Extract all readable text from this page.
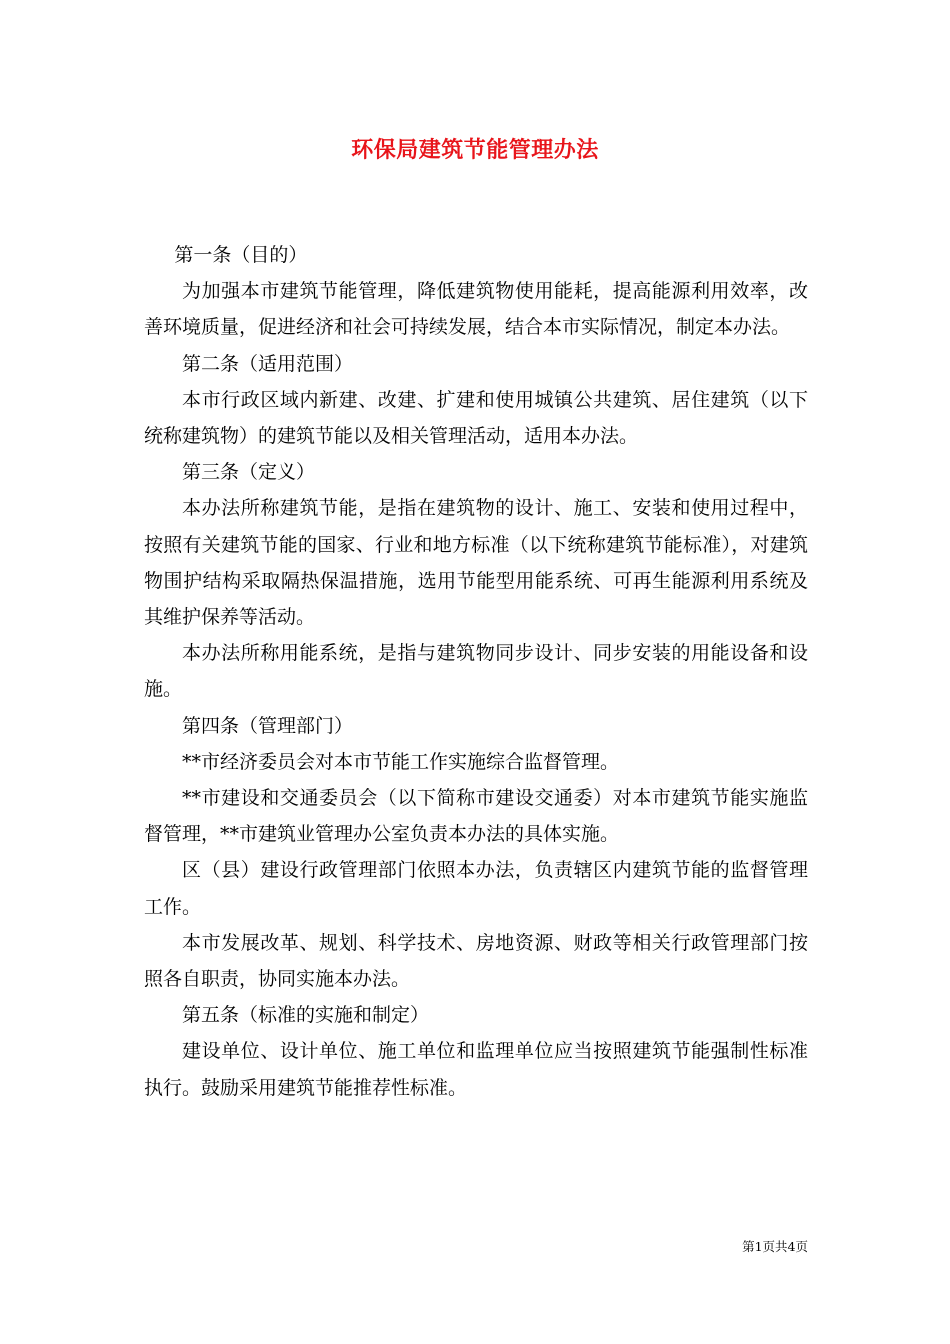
环保局建筑节能管理办法

第一条（目的）

为加强本市建筑节能管理，降低建筑物使用能耗，提高能源利用效率，改善环境质量，促进经济和社会可持续发展，结合本市实际情况，制定本办法。

第二条（适用范围）

本市行政区域内新建、改建、扩建和使用城镇公共建筑、居住建筑（以下统称建筑物）的建筑节能以及相关管理活动，适用本办法。

第三条（定义）

本办法所称建筑节能，是指在建筑物的设计、施工、安装和使用过程中，按照有关建筑节能的国家、行业和地方标准（以下统称建筑节能标准），对建筑物围护结构采取隔热保温措施，选用节能型用能系统、可再生能源利用系统及其维护保养等活动。

本办法所称用能系统，是指与建筑物同步设计、同步安装的用能设备和设施。

第四条（管理部门）

**市经济委员会对本市节能工作实施综合监督管理。

**市建设和交通委员会（以下简称市建设交通委）对本市建筑节能实施监督管理，**市建筑业管理办公室负责本办法的具体实施。

区（县）建设行政管理部门依照本办法，负责辖区内建筑节能的监督管理工作。

本市发展改革、规划、科学技术、房地资源、财政等相关行政管理部门按照各自职责，协同实施本办法。

第五条（标准的实施和制定）

建设单位、设计单位、施工单位和监理单位应当按照建筑节能强制性标准执行。鼓励采用建筑节能推荐性标准。

第1页共4页
